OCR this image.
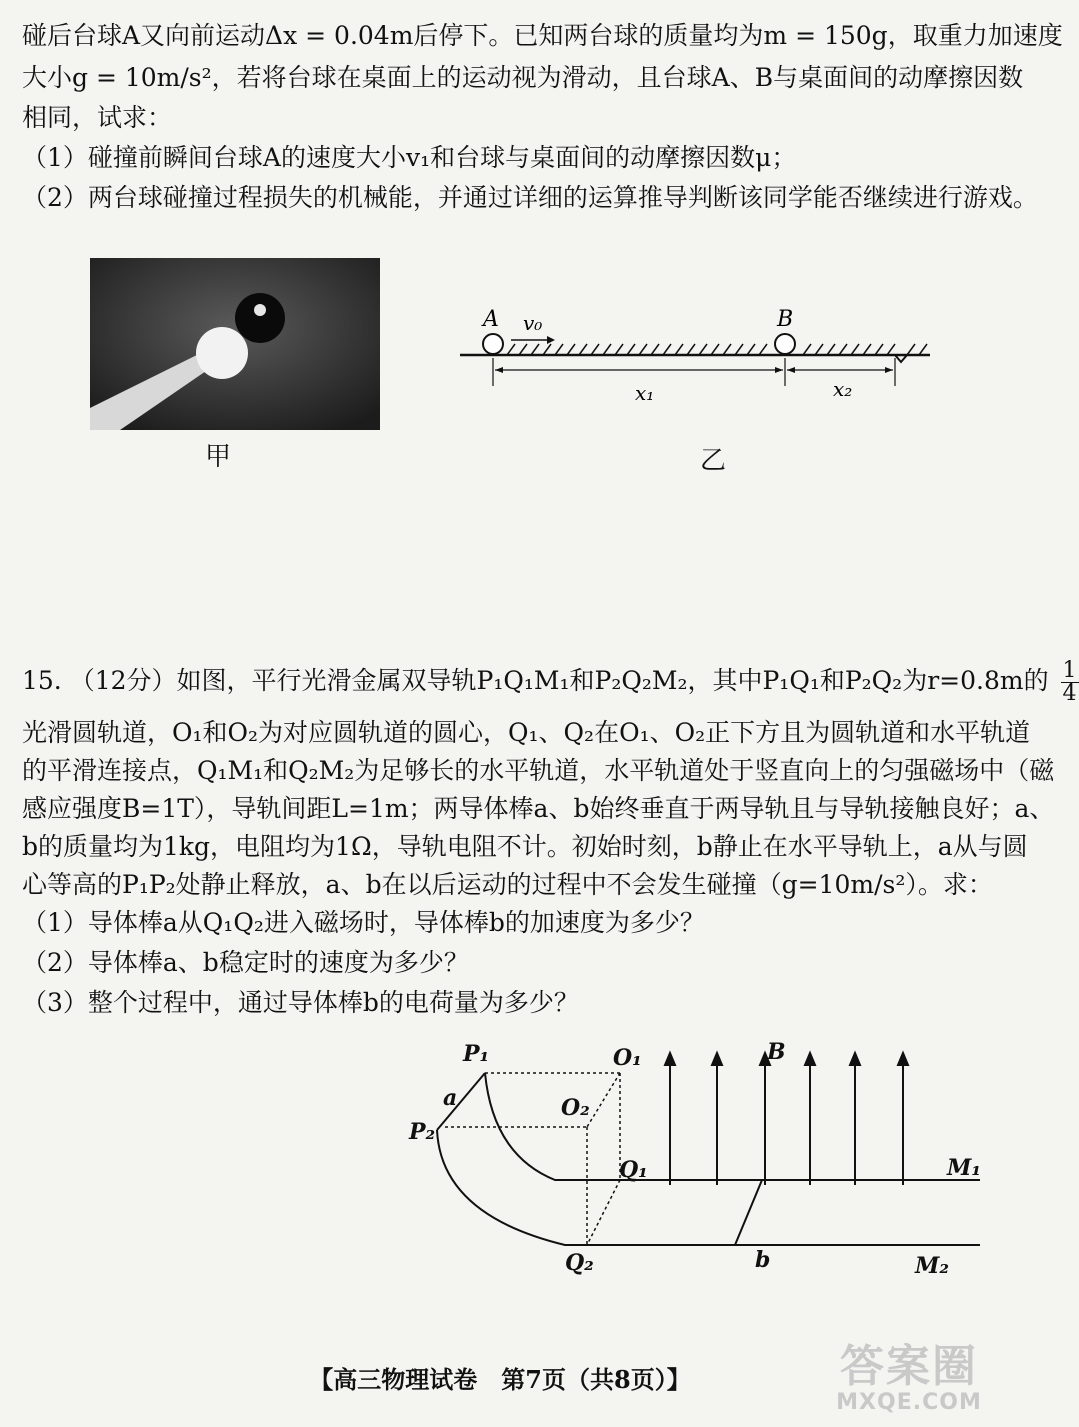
碰后台球A又向前运动Δx = 0.04m后停下。已知两台球的质量均为m = 150g，取重力加速度
大小g = 10m/s²，若将台球在桌面上的运动视为滑动，且台球A、B与桌面间的动摩擦因数
相同，试求：
（1）碰撞前瞬间台球A的速度大小v₁和台球与桌面间的动摩擦因数μ；
（2）两台球碰撞过程损失的机械能，并通过详细的运算推导判断该同学能否继续进行游戏。
甲
A v₀	B
x₁	x₂
乙
15. （12分）如图，平行光滑金属双导轨P₁Q₁M₁和P₂Q₂M₂，其中P₁Q₁和P₂Q₂为r=0.8m的 $\frac{1}{4}$
光滑圆轨道，O₁和O₂为对应圆轨道的圆心，Q₁、Q₂在O₁、O₂正下方且为圆轨道和水平轨道
的平滑连接点，Q₁M₁和Q₂M₂为足够长的水平轨道，水平轨道处于竖直向上的匀强磁场中（磁
感应强度B=1T），导轨间距L=1m；两导体棒a、b始终垂直于两导轨且与导轨接触良好；a、
b的质量均为1kg，电阻均为1Ω，导轨电阻不计。初始时刻，b静止在水平导轨上，a从与圆
心等高的P₁P₂处静止释放，a、b在以后运动的过程中不会发生碰撞（g=10m/s²）。求：
（1）导体棒a从Q₁Q₂进入磁场时，导体棒b的加速度为多少？
（2）导体棒a、b稳定时的速度为多少？
（3）整个过程中，通过导体棒b的电荷量为多少？
P₁	O₁	B
a	O₂
P₂
Q₁	M₁
Q₂	b	M₂
【高三物理试卷　第7页（共8页）】	答案圈
MXQE.COM
